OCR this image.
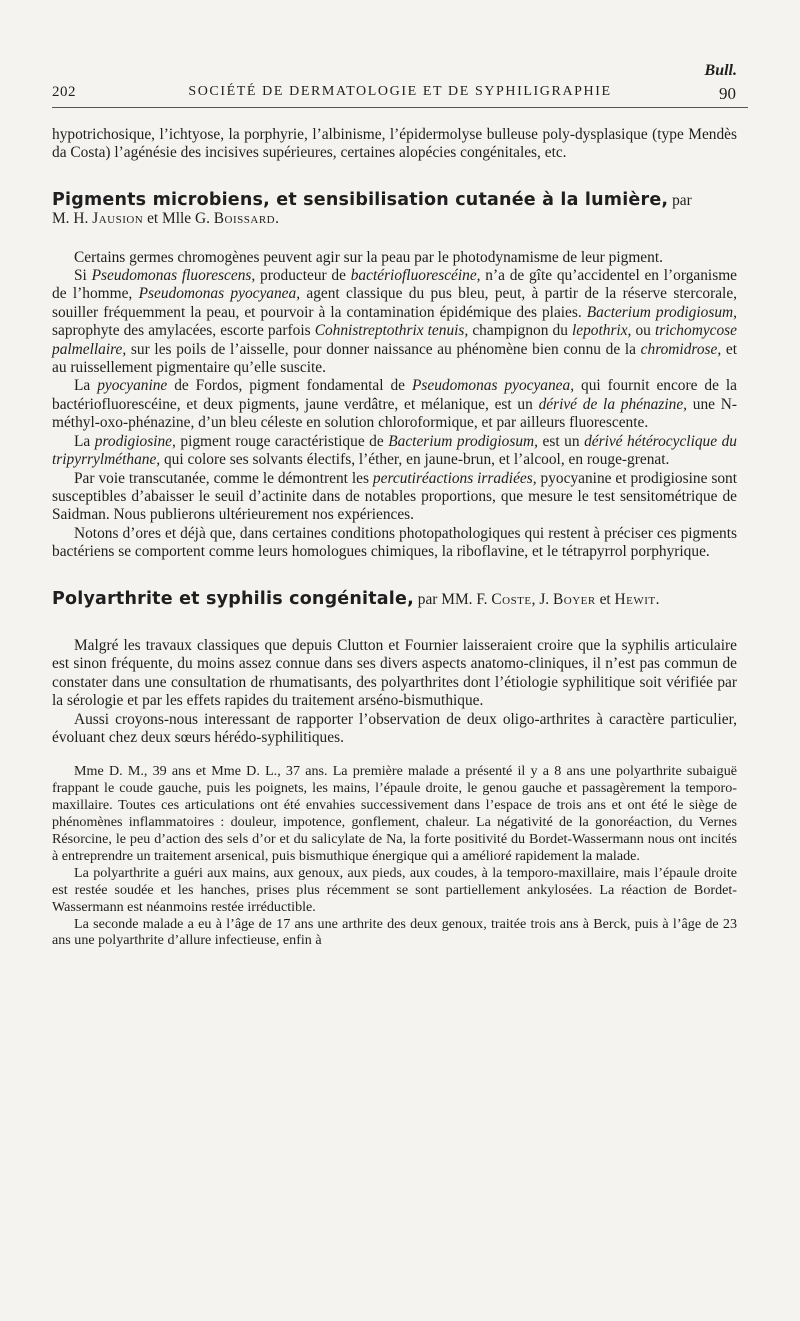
Bull.
202	SOCIÉTÉ DE DERMATOLOGIE ET DE SYPHILIGRAPHIE	90

hypotrichosique, l’ichtyose, la porphyrie, l’albinisme, l’épidermolyse bulleuse poly-dysplasique (type Mendès da Costa) l’agénésie des incisives supérieures, certaines alopécies congénitales, etc.

Pigments microbiens, et sensibilisation cutanée à la lumière, par
M. H. Jausion et Mlle G. Boissard.

Certains germes chromogènes peuvent agir sur la peau par le photodynamisme de leur pigment.

Si Pseudomonas fluorescens, producteur de bactériofluorescéine, n’a de gîte qu’accidentel en l’organisme de l’homme, Pseudomonas pyocyanea, agent classique du pus bleu, peut, à partir de la réserve stercorale, souiller fréquemment la peau, et pourvoir à la contamination épidémique des plaies. Bacterium prodigiosum, saprophyte des amylacées, escorte parfois Cohnistreptothrix tenuis, champignon du lepothrix, ou trichomycose palmellaire, sur les poils de l’aisselle, pour donner naissance au phénomène bien connu de la chromidrose, et au ruissellement pigmentaire qu’elle suscite.

La pyocyanine de Fordos, pigment fondamental de Pseudomonas pyocyanea, qui fournit encore de la bactériofluorescéine, et deux pigments, jaune verdâtre, et mélanique, est un dérivé de la phénazine, une N-méthyl-oxo-phénazine, d’un bleu céleste en solution chloroformique, et par ailleurs fluorescente.

La prodigiosine, pigment rouge caractéristique de Bacterium prodigiosum, est un dérivé hétérocyclique du tripyrrylméthane, qui colore ses solvants électifs, l’éther, en jaune-brun, et l’alcool, en rouge-grenat.

Par voie transcutanée, comme le démontrent les percutiréactions irradiées, pyocyanine et prodigiosine sont susceptibles d’abaisser le seuil d’actinite dans de notables proportions, que mesure le test sensitométrique de Saidman. Nous publierons ultérieurement nos expériences.

Notons d’ores et déjà que, dans certaines conditions photopathologiques qui restent à préciser ces pigments bactériens se comportent comme leurs homologues chimiques, la riboflavine, et le tétrapyrrol porphyrique.

Polyarthrite et syphilis congénitale, par MM. F. Coste, J. Boyer et Hewit.

Malgré les travaux classiques que depuis Clutton et Fournier laisseraient croire que la syphilis articulaire est sinon fréquente, du moins assez connue dans ses divers aspects anatomo-cliniques, il n’est pas commun de constater dans une consultation de rhumatisants, des polyarthrites dont l’étiologie syphilitique soit vérifiée par la sérologie et par les effets rapides du traitement arséno-bismuthique.

Aussi croyons-nous interessant de rapporter l’observation de deux oligo-arthrites à caractère particulier, évoluant chez deux sœurs hérédo-syphilitiques.

Mme D. M., 39 ans et Mme D. L., 37 ans. La première malade a présenté il y a 8 ans une polyarthrite subaiguë frappant le coude gauche, puis les poignets, les mains, l’épaule droite, le genou gauche et passagèrement la temporo-maxillaire. Toutes ces articulations ont été envahies successivement dans l’espace de trois ans et ont été le siège de phénomènes inflammatoires : douleur, impotence, gonflement, chaleur. La négativité de la gonoréaction, du Vernes Résorcine, le peu d’action des sels d’or et du salicylate de Na, la forte positivité du Bordet-Wassermann nous ont incités à entreprendre un traitement arsenical, puis bismuthique énergique qui a amélioré rapidement la malade.

La polyarthrite a guéri aux mains, aux genoux, aux pieds, aux coudes, à la temporo-maxillaire, mais l’épaule droite est restée soudée et les hanches, prises plus récemment se sont partiellement ankylosées. La réaction de Bordet-Wassermann est néanmoins restée irréductible.

La seconde malade a eu à l’âge de 17 ans une arthrite des deux genoux, traitée trois ans à Berck, puis à l’âge de 23 ans une polyarthrite d’allure infectieuse, enfin à
